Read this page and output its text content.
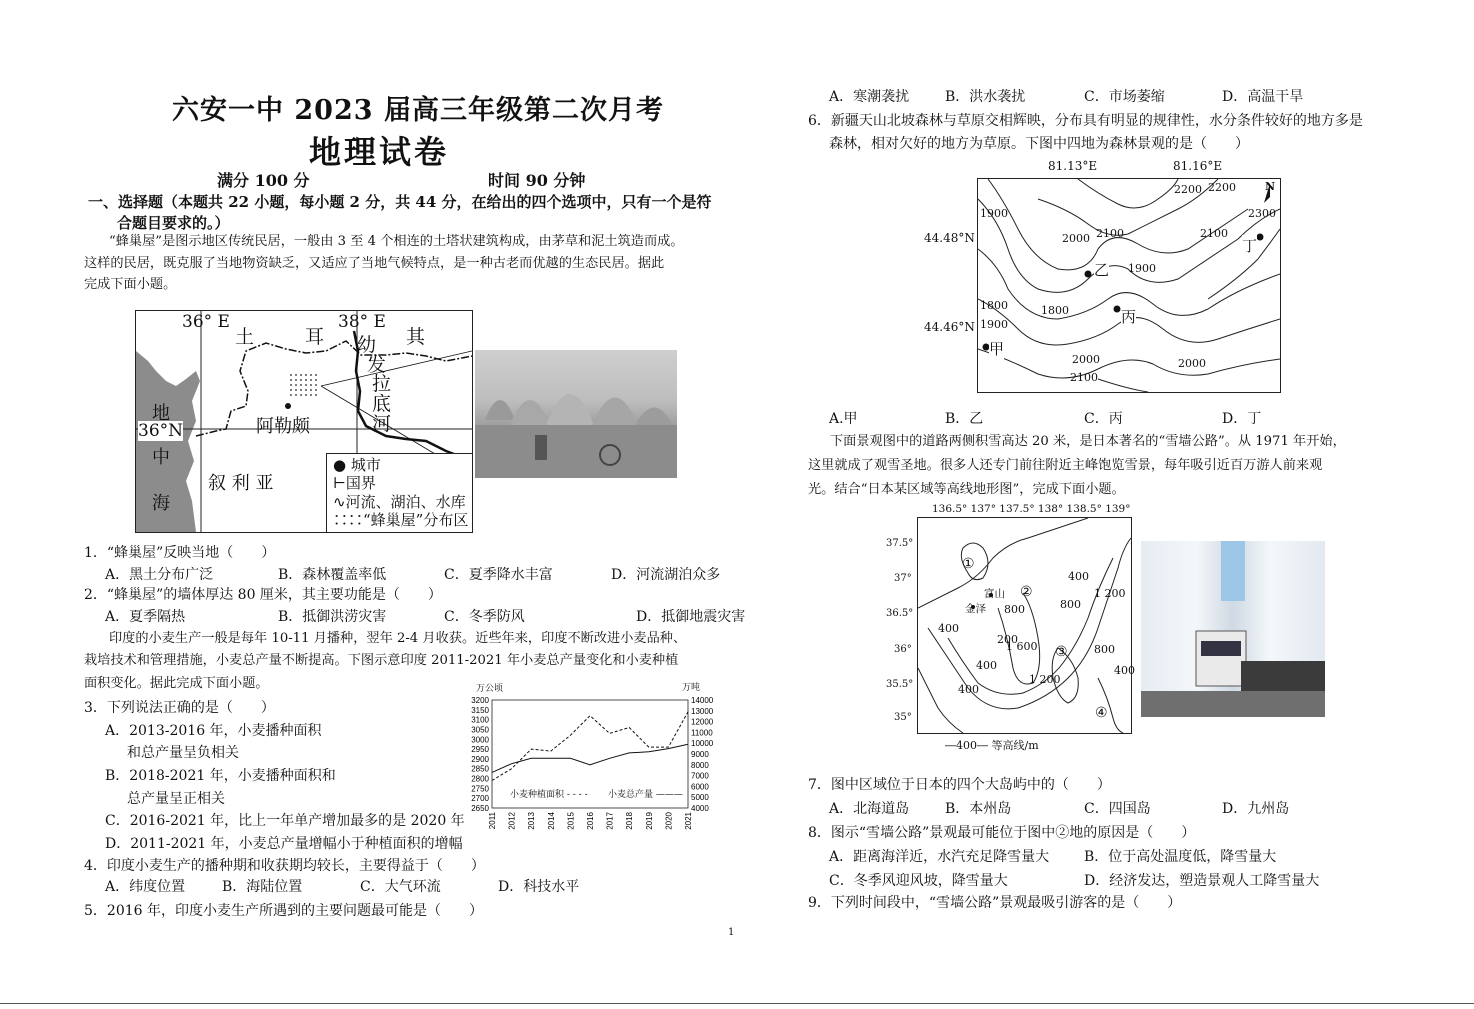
六安一中 2023 届高三年级第二次月考
地理试卷
满分 100 分	时间 90 分钟
一、选择题（本题共 22 小题，每小题 2 分，共 44 分，在给出的四个选项中，只有一个是符
合题目要求的。）
“蜂巢屋”是图示地区传统民居，一般由 3 至 4 个相连的土塔状建筑构成，由茅草和泥土筑造而成。
这样的民居，既克服了当地物资缺乏，又适应了当地气候特点，是一种古老而优越的生态民居。据此
完成下面小题。
36° E	38° E
36°N
土	耳	其
幼
发
拉
底
河
阿勒颇
叙 利 亚
地
中
海
● 城市
⊢国界
∿河流、湖泊、水库
∷∷“蜂巢屋”分布区
1．“蜂巢屋”反映当地（　　）
A．黑土分布广泛	B．森林覆盖率低	C．夏季降水丰富	D．河流湖泊众多
2．“蜂巢屋”的墙体厚达 80 厘米，其主要功能是（　　）
A．夏季隔热	B．抵御洪涝灾害	C．冬季防风	D．抵御地震灾害
印度的小麦生产一般是每年 10-11 月播种，翌年 2-4 月收获。近些年来，印度不断改进小麦品种、
栽培技术和管理措施，小麦总产量不断提高。下图示意印度 2011-2021 年小麦总产量变化和小麦种植
面积变化。据此完成下面小题。
3．下列说法正确的是（　　）
A．2013-2016 年，小麦播种面积
和总产量呈负相关
B．2018-2021 年，小麦播种面积和
总产量呈正相关
C．2016-2021 年，比上一年单产增加最多的是 2020 年
D．2011-2021 年，小麦总产量增幅小于种植面积的增幅
3200
3150
3100
3050
3000
2950
2900
2850
2800
2750
2700
2650
14000
13000
12000
11000
10000
9000
8000
7000
6000
5000
4000
2011 2012 2013 2014 2015 2016 2017 2018 2019 2020 2021
万公顷	万吨
小麦种植面积 - - - - 小麦总产量 ———
4．印度小麦生产的播种期和收获期均较长，主要得益于（　　）
A．纬度位置	B．海陆位置	C．大气环流	D．科技水平
5．2016 年，印度小麦生产所遇到的主要问题最可能是（　　）
A．寒潮袭扰	B．洪水袭扰	C．市场萎缩	D．高温干旱
6．新疆天山北坡森林与草原交相辉映，分布具有明显的规律性，水分条件较好的地方多是
森林，相对欠好的地方为草原。下图中四地为森林景观的是（　　）
81.13°E	81.16°E
44.48°N
44.46°N
2200 2200
2300
N
1900
2000 2100	2100
1900
1800	1800
1900
2000
2100
2000
乙
丙
丁
甲
A.甲	B．乙	C．丙	D．丁
下面景观图中的道路两侧积雪高达 20 米，是日本著名的“雪墙公路”。从 1971 年开始，
这里就成了观雪圣地。很多人还专门前往附近主峰饱览雪景，每年吸引近百万游人前来观
光。结合“日本某区域等高线地形图”，完成下面小题。
136.5° 137° 137.5° 138° 138.5° 139°
37.5°
37°
36.5°
36°
35.5°
35°
①
②
③
④
富山
金泽
400
1 200
800
400
200
1 600
800
400
800
1 200
400
400
―400― 等高线/m
7．图中区域位于日本的四个大岛屿中的（　　）
A．北海道岛	B．本州岛	C．四国岛	D．九州岛
8．图示“雪墙公路”景观最可能位于图中②地的原因是（　　）
A．距离海洋近，水汽充足降雪量大 B．位于高处温度低，降雪量大
C．冬季风迎风坡，降雪量大	D．经济发达，塑造景观人工降雪量大
9．下列时间段中，“雪墙公路”景观最吸引游客的是（　　）
1
